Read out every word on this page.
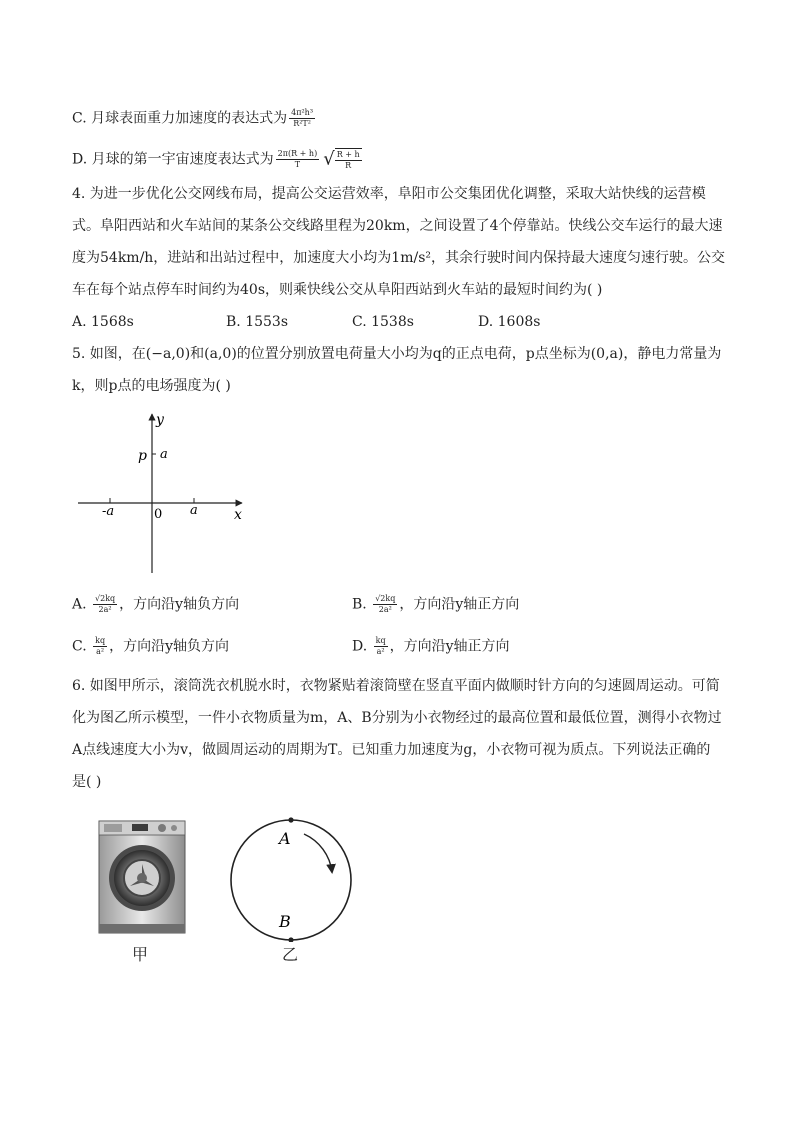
C. 月球表面重力加速度的表达式为 $\frac{\text{4π²h³}}{\text{R²T²}}$
D. 月球的第一宇宙速度表达式为 $\frac{2\pi(R + h)}{T}$ √ $\frac{R + h}{R}$
4. 为进一步优化公交网线布局，提高公交运营效率，阜阳市公交集团优化调整，采取大站快线的运营模
式。阜阳西站和火车站间的某条公交线路里程为20km，之间设置了4个停靠站。快线公交车运行的最大速
度为54km/h，进站和出站过程中，加速度大小均为1m/s²，其余行驶时间内保持最大速度匀速行驶。公交
车在每个站点停车时间约为40s，则乘快线公交从阜阳西站到火车站的最短时间约为( )
A. 1568s	B. 1553s	C. 1538s	D. 1608s
5. 如图，在(−a,0)和(a,0)的位置分别放置电荷量大小均为q的正点电荷，p点坐标为(0,a)，静电力常量为
k，则p点的电场强度为( )
y
x
0
-a	a
p a
A. $\frac{√2kq}{\text{2a²}}$ ，方向沿y轴负方向	B. $\frac{√2kq}{\text{2a²}}$ ，方向沿y轴正方向
C. $\frac{kq}{\text{a²}}$ ，方向沿y轴负方向	D. $\frac{kq}{\text{a²}}$ ，方向沿y轴正方向
6. 如图甲所示，滚筒洗衣机脱水时，衣物紧贴着滚筒壁在竖直平面内做顺时针方向的匀速圆周运动。可简
化为图乙所示模型，一件小衣物质量为m，A、B分别为小衣物经过的最高位置和最低位置，测得小衣物过
A点线速度大小为v，做圆周运动的周期为T。已知重力加速度为g，小衣物可视为质点。下列说法正确的
是( )
甲
A
B
乙
